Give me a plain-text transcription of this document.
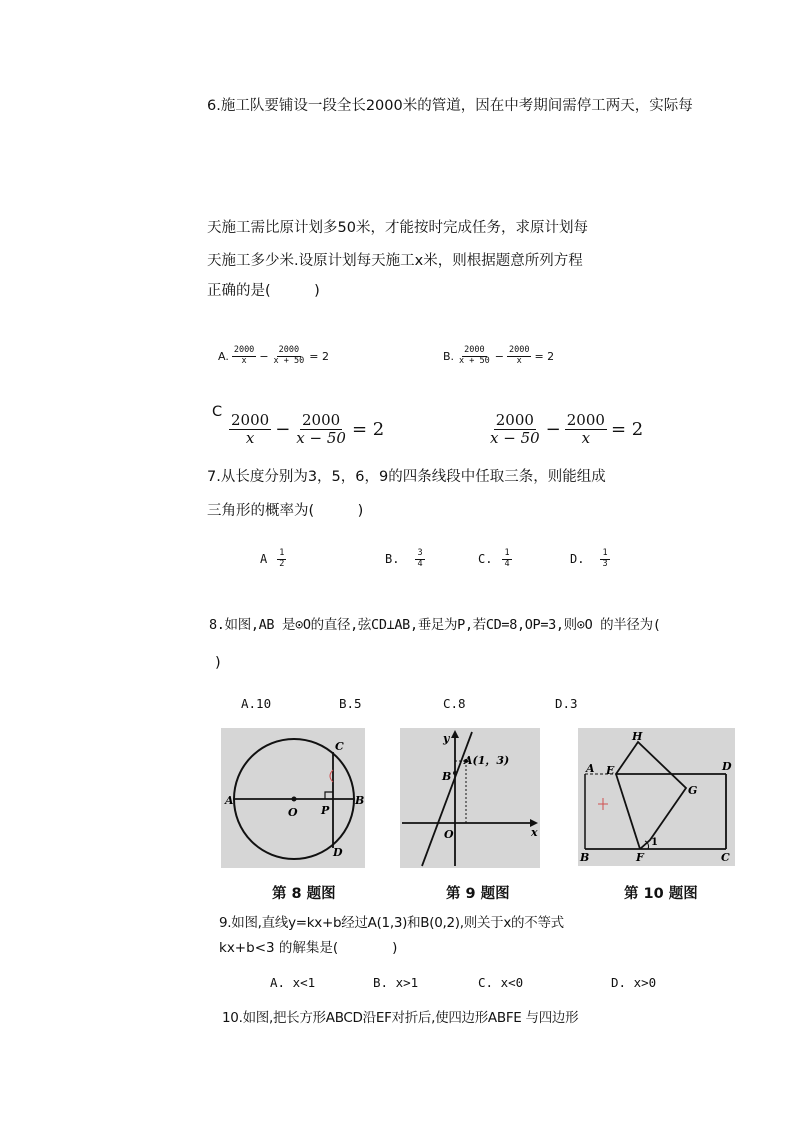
6.施工队要铺设一段全长2000米的管道，因在中考期间需停工两天，实际每
天施工需比原计划多50米，才能按时完成任务，求原计划每
天施工多少米.设原计划每天施工x米，则根据题意所列方程
正确的是(　　　)
A. $\frac{2000}{x} - \frac{2000}{x + 50} = 2$	B. $\frac{2000}{x + 50} - \frac{2000}{x} = 2$
C $\frac{2000}{x} - \frac{2000}{x - 50} = 2$	$\frac{2000}{x - 50} - \frac{2000}{x} = 2$
7.从长度分别为3，5，6，9的四条线段中任取三条，则能组成
三角形的概率为(　　　)
A $\frac{1}{2}$	B. $\frac{3}{4}$	C. $\frac{1}{4}$	D. $\frac{1}{3}$
8.如图,AB 是⊙O的直径,弦CD⊥AB,垂足为P,若CD=8,OP=3,则⊙O 的半径为(
)
A.10	B.5	C.8	D.3
C
A
O P
B
D
第 8 题图
y
A(1，3)
B
O	x
第 9 题图
H
A E	D
G
B	F
1
C
第 10 题图
9.如图,直线y=kx+b经过A(1,3)和B(0,2),则关于x的不等式
kx+b<3 的解集是(　　　　)
A. x<1	B. x>1	C. x<0	D. x>0
10.如图,把长方形ABCD沿EF对折后,使四边形ABFE 与四边形
